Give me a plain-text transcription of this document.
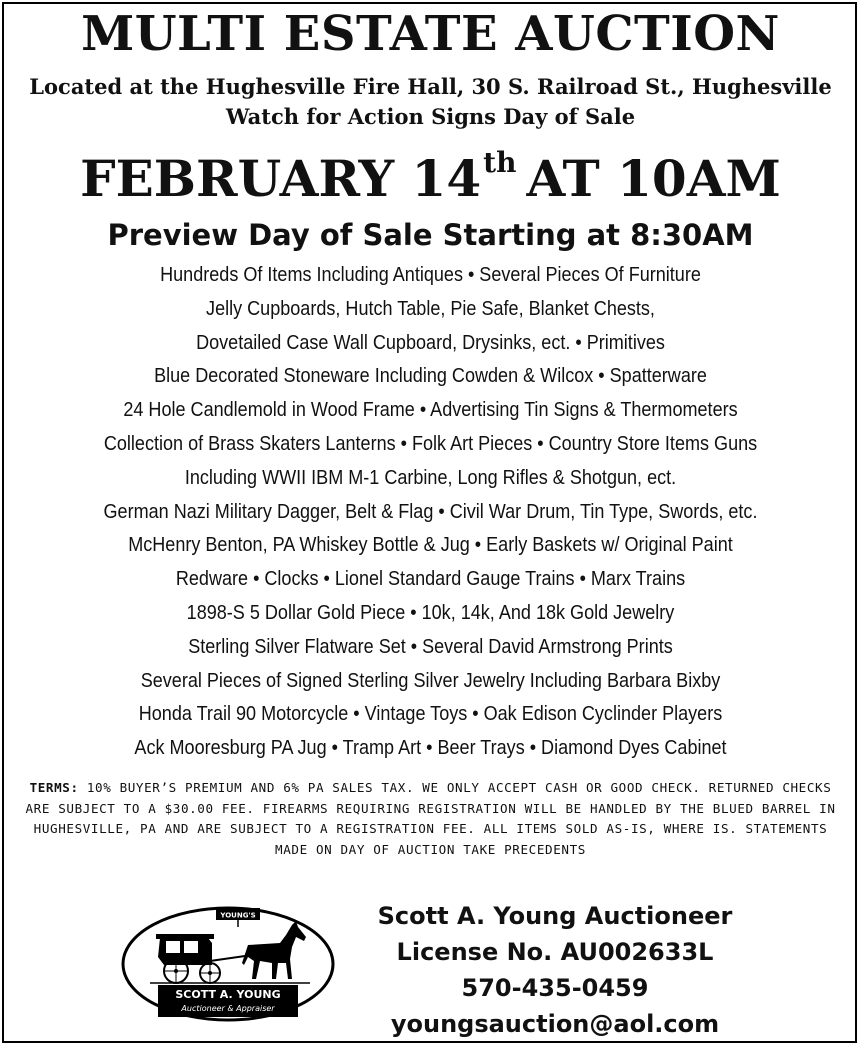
MULTI ESTATE AUCTION
Located at the Hughesville Fire Hall, 30 S. Railroad St., Hughesville
Watch for Action Signs Day of Sale
FEBRUARY 14th AT 10AM
Preview Day of Sale Starting at 8:30AM
Hundreds Of Items Including Antiques • Several Pieces Of Furniture
Jelly Cupboards, Hutch Table, Pie Safe, Blanket Chests,
Dovetailed Case Wall Cupboard, Drysinks, ect. • Primitives
Blue Decorated Stoneware Including Cowden & Wilcox • Spatterware
24 Hole Candlemold in Wood Frame • Advertising Tin Signs & Thermometers
Collection of Brass Skaters Lanterns • Folk Art Pieces • Country Store Items Guns
Including WWII IBM M-1 Carbine, Long Rifles & Shotgun, ect.
German Nazi Military Dagger, Belt & Flag • Civil War Drum, Tin Type, Swords, etc.
McHenry Benton, PA Whiskey Bottle & Jug • Early Baskets w/ Original Paint
Redware • Clocks • Lionel Standard Gauge Trains • Marx Trains
1898-S 5 Dollar Gold Piece • 10k, 14k, And 18k Gold Jewelry
Sterling Silver Flatware Set • Several David Armstrong Prints
Several Pieces of Signed Sterling Silver Jewelry Including Barbara Bixby
Honda Trail 90 Motorcycle • Vintage Toys • Oak Edison Cyclinder Players
Ack Mooresburg PA Jug • Tramp Art • Beer Trays • Diamond Dyes Cabinet
TERMS: 10% BUYER’S PREMIUM AND 6% PA SALES TAX. WE ONLY ACCEPT CASH OR GOOD CHECK. RETURNED CHECKS ARE SUBJECT TO A $30.00 FEE. FIREARMS REQUIRING REGISTRATION WILL BE HANDLED BY THE BLUED BARREL IN HUGHESVILLE, PA AND ARE SUBJECT TO A REGISTRATION FEE. ALL ITEMS SOLD AS-IS, WHERE IS. STATEMENTS MADE ON DAY OF AUCTION TAKE PRECEDENTS
YOUNG'S
SCOTT A. YOUNG
Auctioneer & Appraiser
Scott A. Young Auctioneer
License No. AU002633L
570-435-0459
youngsauction@aol.com
